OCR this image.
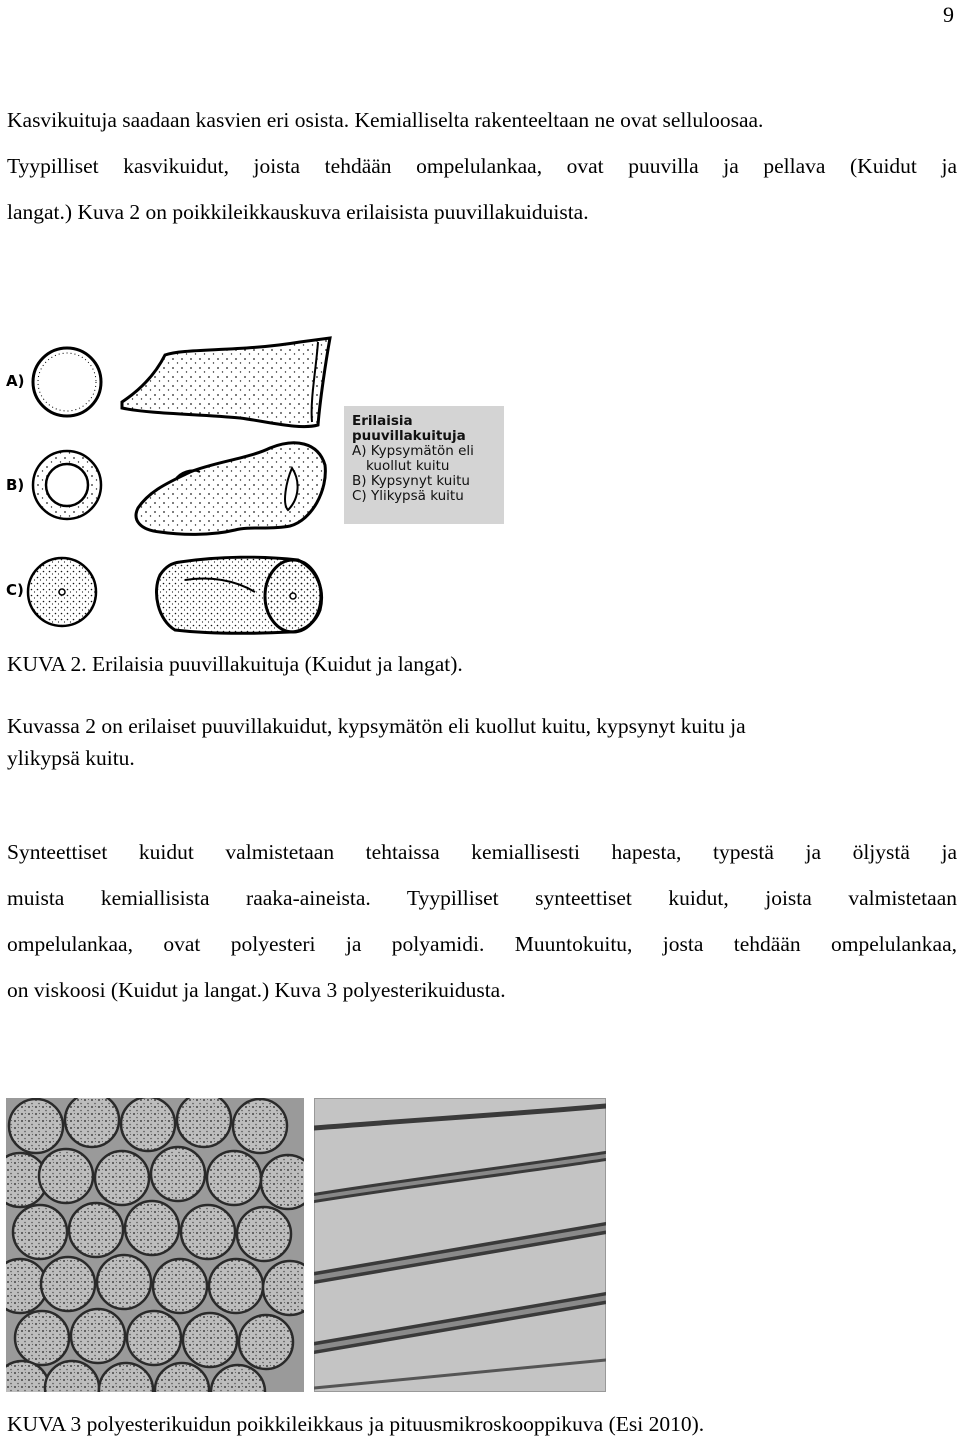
9
Kasvikuituja saadaan kasvien eri osista. Kemialliselta rakenteeltaan ne ovat selluloosaa.
Tyypilliset kasvikuidut, joista tehdään ompelulankaa, ovat puuvilla ja pellava (Kuidut ja
langat.) Kuva 2 on poikkileikkauskuva erilaisista puuvillakuiduista.
A)
B)
C)
Erilaisia
puuvillakuituja
A) Kypsymätön eli
kuollut kuitu
B) Kypsynyt kuitu
C) Ylikypsä kuitu
KUVA 2. Erilaisia puuvillakuituja (Kuidut ja langat).
Kuvassa 2 on erilaiset puuvillakuidut, kypsymätön eli kuollut kuitu, kypsynyt kuitu ja
ylikypsä kuitu.
Synteettiset kuidut valmistetaan tehtaissa kemiallisesti hapesta, typestä ja öljystä ja
muista kemiallisista raaka-aineista. Tyypilliset synteettiset kuidut, joista valmistetaan
ompelulankaa, ovat polyesteri ja polyamidi. Muuntokuitu, josta tehdään ompelulankaa,
on viskoosi (Kuidut ja langat.) Kuva 3 polyesterikuidusta.
KUVA 3 polyesterikuidun poikkileikkaus ja pituusmikroskooppikuva (Esi 2010).
